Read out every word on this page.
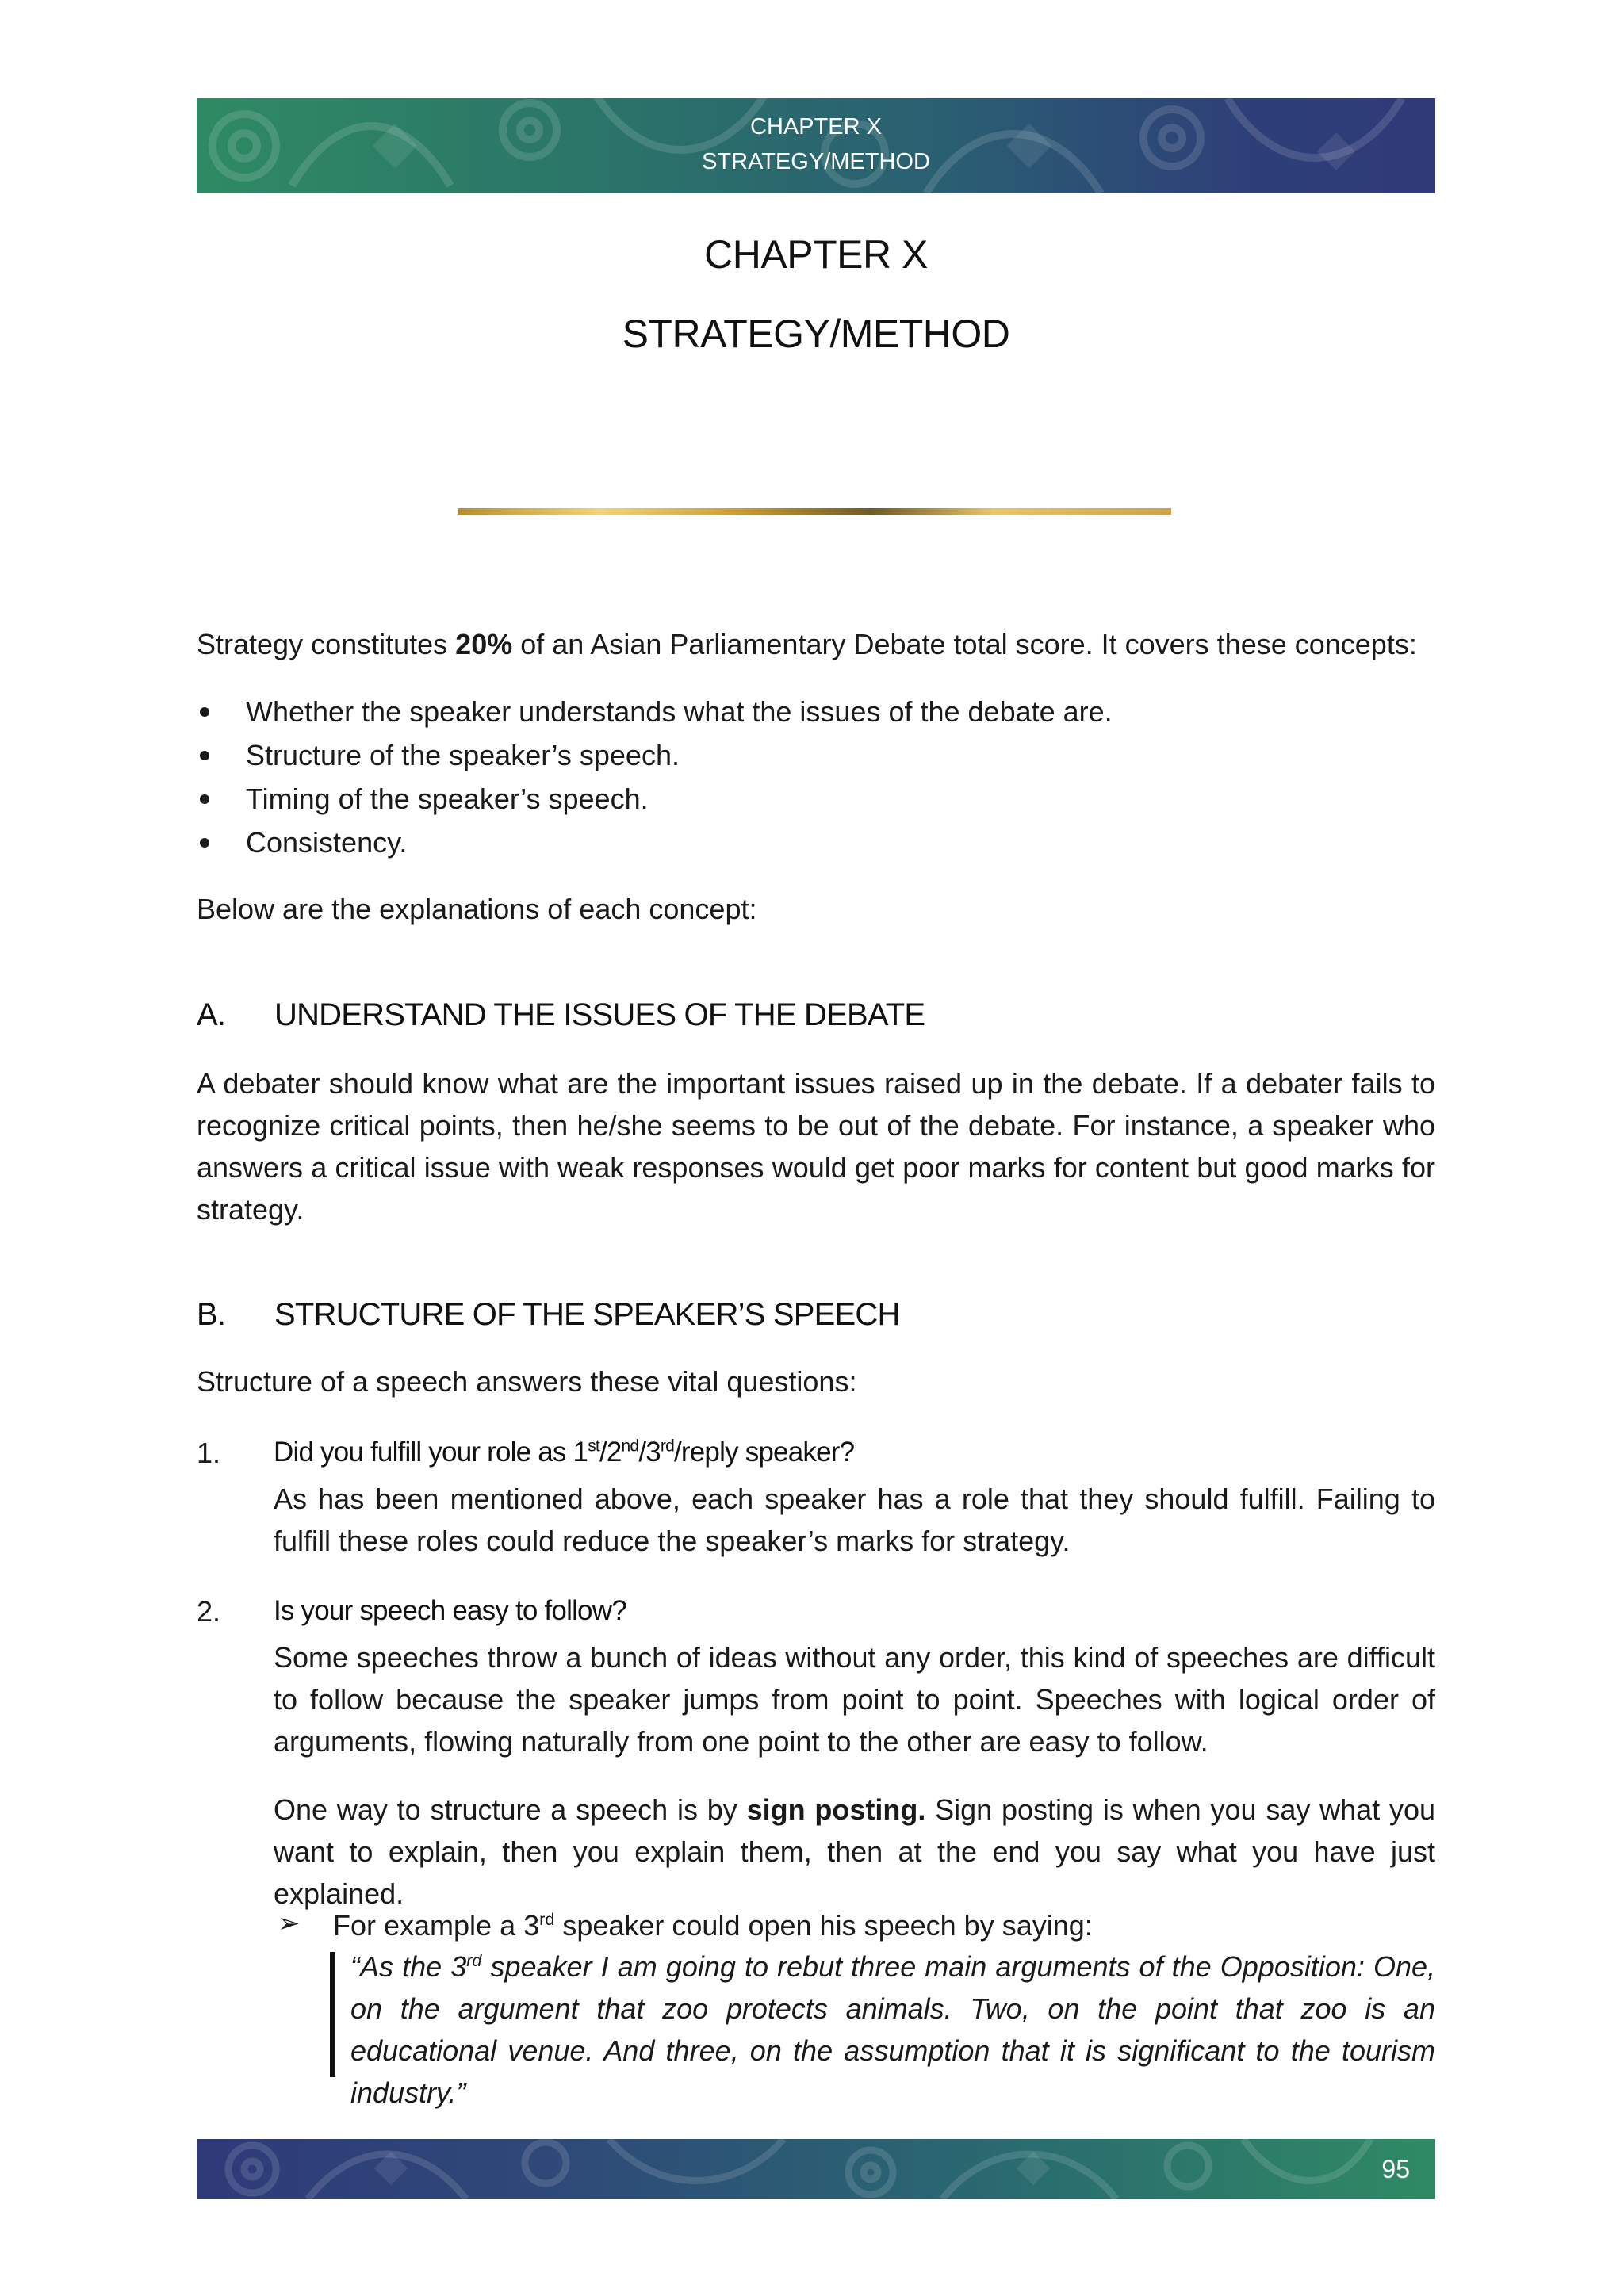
CHAPTER X
STRATEGY/METHOD
CHAPTER X
STRATEGY/METHOD
Strategy constitutes 20% of an Asian Parliamentary Debate total score. It covers these concepts:
Whether the speaker understands what the issues of the debate are.
Structure of the speaker’s speech.
Timing of the speaker’s speech.
Consistency.
Below are the explanations of each concept:
A. UNDERSTAND THE ISSUES OF THE DEBATE
A debater should know what are the important issues raised up in the debate. If a debater fails to recognize critical points, then he/she seems to be out of the debate. For instance, a speaker who answers a critical issue with weak responses would get poor marks for content but good marks for strategy.
B. STRUCTURE OF THE SPEAKER’S SPEECH
Structure of a speech answers these vital questions:
1. Did you fulfill your role as 1st/2nd/3rd/reply speaker?
As has been mentioned above, each speaker has a role that they should fulfill. Failing to fulfill these roles could reduce the speaker’s marks for strategy.
2. Is your speech easy to follow?
Some speeches throw a bunch of ideas without any order, this kind of speeches are difficult to follow because the speaker jumps from point to point. Speeches with logical order of arguments, flowing naturally from one point to the other are easy to follow.
One way to structure a speech is by sign posting. Sign posting is when you say what you want to explain, then you explain them, then at the end you say what you have just explained.
➢ For example a 3rd speaker could open his speech by saying:
“As the 3rd speaker I am going to rebut three main arguments of the Opposition: One, on the argument that zoo protects animals. Two, on the point that zoo is an educational venue. And three, on the assumption that it is significant to the tourism industry.”
95
